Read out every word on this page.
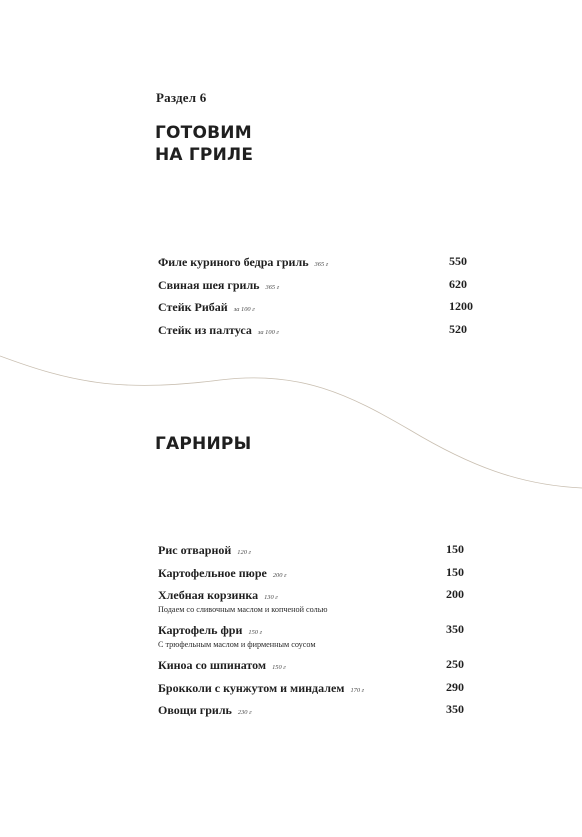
Раздел 6
ГОТОВИМ
НА ГРИЛЕ
Филе куриного бедра гриль 365 г	550
Свиная шея гриль 365 г	620
Стейк Рибай за 100 г	1200
Стейк из палтуса за 100 г	520
ГАРНИРЫ
Рис отварной 120 г	150
Картофельное пюре 200 г	150
Хлебная корзинка 130 г	200
Подаем со сливочным маслом и копченой солью
Картофель фри 150 г	350
С трюфельным маслом и фирменным соусом
Киноа со шпинатом 150 г	250
Брокколи с кунжутом и миндалем 170 г	290
Овощи гриль 230 г	350
